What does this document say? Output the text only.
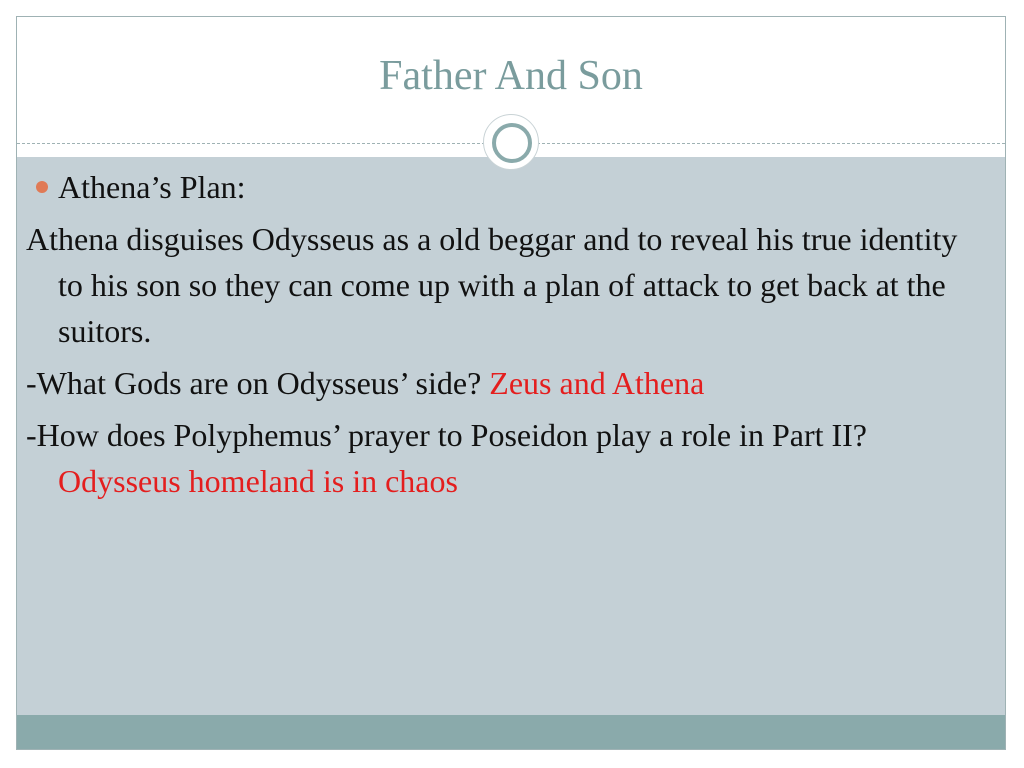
Father And Son
Athena’s Plan:
Athena disguises Odysseus as a old beggar and to reveal his true identity to his son so they can come up with a plan of attack to get back at the suitors.
-What Gods are on Odysseus’ side? Zeus and Athena
-How does Polyphemus’ prayer to Poseidon play a role in Part II? Odysseus homeland is in chaos
